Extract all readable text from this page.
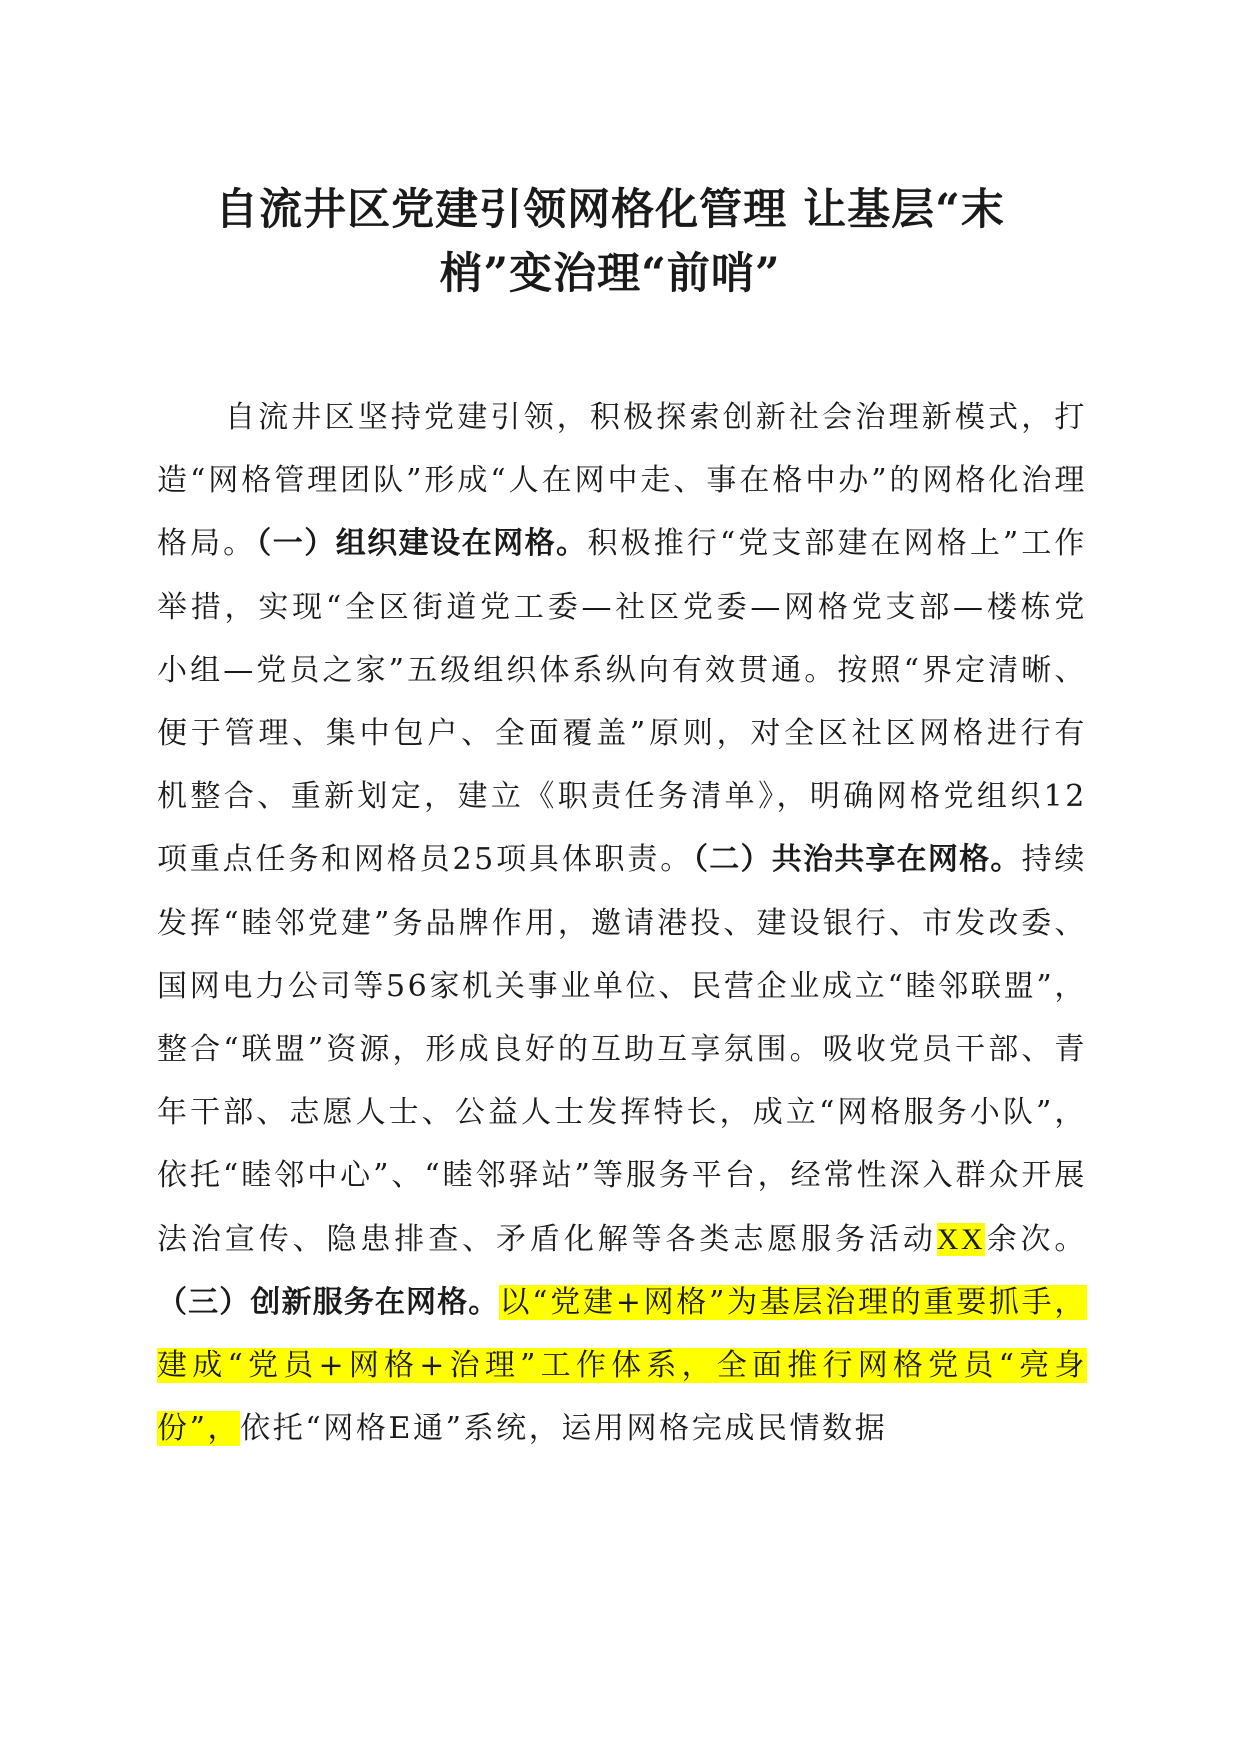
自流井区党建引领网格化管理 让基层“末
梢”变治理“前哨”

自流井区坚持党建引领，积极探索创新社会治理新模式，打造“网格管理团队”形成“人在网中走、事在格中办”的网格化治理格局。（一）组织建设在网格。积极推行“党支部建在网格上”工作举措，实现“全区街道党工委—社区党委—网格党支部—楼栋党小组—党员之家”五级组织体系纵向有效贯通。按照“界定清晰、便于管理、集中包户、全面覆盖”原则，对全区社区网格进行有机整合、重新划定，建立《职责任务清单》，明确网格党组织12项重点任务和网格员25项具体职责。（二）共治共享在网格。持续发挥“睦邻党建”务品牌作用，邀请港投、建设银行、市发改委、国网电力公司等56家机关事业单位、民营企业成立“睦邻联盟”，整合“联盟”资源，形成良好的互助互享氛围。吸收党员干部、青年干部、志愿人士、公益人士发挥特长，成立“网格服务小队”，依托“睦邻中心”、“睦邻驿站”等服务平台，经常性深入群众开展法治宣传、隐患排查、矛盾化解等各类志愿服务活动XX余次。（三）创新服务在网格。以“党建+网格”为基层治理的重要抓手，建成“党员+网格+治理”工作体系，全面推行网格党员“亮身份”，依托“网格E通”系统，运用网格完成民情数据
